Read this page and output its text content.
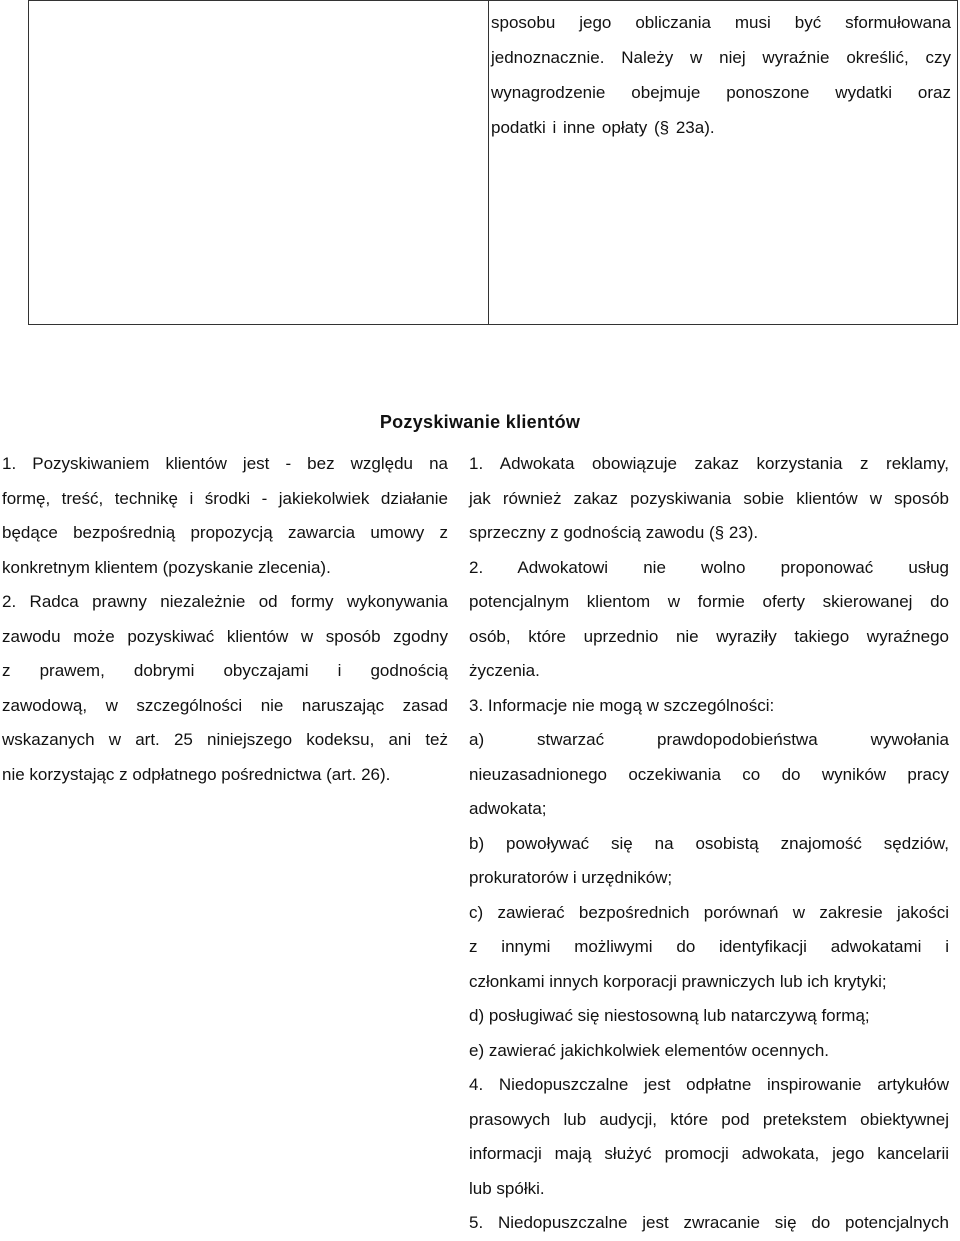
sposobu jego obliczania musi być sformułowana
jednoznacznie. Należy w niej wyraźnie określić, czy
wynagrodzenie obejmuje ponoszone wydatki oraz
podatki i inne opłaty (§ 23a).
Pozyskiwanie klientów
1. Pozyskiwaniem klientów jest - bez względu na
formę, treść, technikę i środki - jakiekolwiek działanie
będące bezpośrednią propozycją zawarcia umowy z
konkretnym klientem (pozyskanie zlecenia).
2. Radca prawny niezależnie od formy wykonywania
zawodu może pozyskiwać klientów w sposób zgodny
z prawem, dobrymi obyczajami i godnością
zawodową, w szczególności nie naruszając zasad
wskazanych w art. 25 niniejszego kodeksu, ani też
nie korzystając z odpłatnego pośrednictwa (art. 26).
1. Adwokata obowiązuje zakaz korzystania z reklamy,
jak również zakaz pozyskiwania sobie klientów w sposób
sprzeczny z godnością zawodu (§ 23).
2. Adwokatowi nie wolno proponować usług
potencjalnym klientom w formie oferty skierowanej do
osób, które uprzednio nie wyraziły takiego wyraźnego
życzenia.
3. Informacje nie mogą w szczególności:
a) stwarzać prawdopodobieństwa wywołania
nieuzasadnionego oczekiwania co do wyników pracy
adwokata;
b) powoływać się na osobistą znajomość sędziów,
prokuratorów i urzędników;
c) zawierać bezpośrednich porównań w zakresie jakości
z innymi możliwymi do identyfikacji adwokatami i
członkami innych korporacji prawniczych lub ich krytyki;
d) posługiwać się niestosowną lub natarczywą formą;
e) zawierać jakichkolwiek elementów ocennych.
4. Niedopuszczalne jest odpłatne inspirowanie artykułów
prasowych lub audycji, które pod pretekstem obiektywnej
informacji mają służyć promocji adwokata, jego kancelarii
lub spółki.
5. Niedopuszczalne jest zwracanie się do potencjalnych
